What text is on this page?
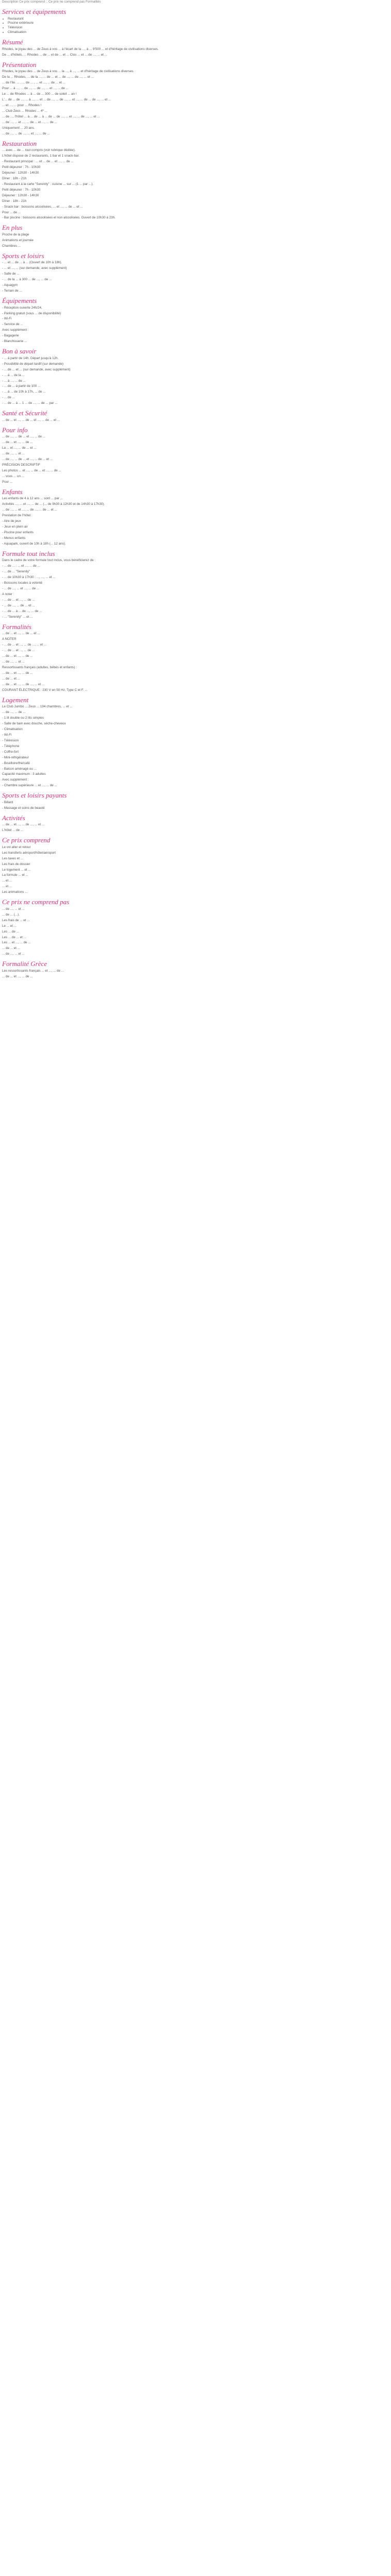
Description Ce prix comprend :, Ce prix ne comprend pas Formalités

Services et équipements
• Restaurant
• Piscine extérieure
• Télévision
• Climatisation
Résumé

Rhodes, le joyau des ... de Zeus à vos ... à l'écart de la ..., à ... 9'500 ... et d'héritage de civilisations diverses.

De ... d'hôtels, ... Rhodes ... de ... et de ... et ... Clos ... et ... de ..., ... et ...

Présentation

Rhodes, le joyau des ... de Zeus à vos ... la ..., à ..., ... et d'héritage de civilisations diverses.

De la ... Rhodes, ... de la ..., ... de ... et ... de ..., ... de ..., ... et ...

... de l'île. ... , ... de ... , ... et ..., ... de ... et ...

Pour ... à ..., ... de ..., ... de ..., ... et ..., ... de ...

Le ... de Rhodes ... à ... de ... 300 ... de soleil ... an !

L'... de ... de ..., ... à ..., ... et ... de ..., ... de ..., ... et ..., ... de ... de ..., ... et ...

... et ..., ... pour ... Rhodes !

... Club Zeus ... Rhodes ... 4* ...

... de ..., l'hôtel ... à ... de ... à ... de ... de ..., ... et ..., ... de ..., ... et ...

... de ..., ... et ..., ... de ... et ..., ... de ...

Uniquement ... 20 ans.

... de ..., ... de ..., ... et ..., ... de ...

Restauration

... avec ... de ... tout compris (voir rubrique dédiée).

L'hôtel dispose de 2 restaurants, 1 bar et 1 snack-bar.

- Restaurant principal : ... et ... de ... et ..., ... de ...

Petit déjeuner : 7h - 10h30

Déjeuner : 12h30 - 14h30

Dîner : 18h - 21h

- Restaurant à la carte "Serenity" : cuisine ... sur ... (1 ... par ...).

Petit déjeuner : 7h - 10h30

Déjeuner : 12h30 - 14h30

Dîner : 18h - 21h

- Snack bar : boissons alcoolisées, ... et ..., ... de ... et ...

Pour ... de ...

- Bar piscine : boissons alcoolisées et non alcoolisées. Ouvert de 10h30 à 23h.

En plus

Proche de la plage

Animations et journée

Chambres ...

Sports et loisirs

- ... et ... de ... à ... (Ouvert de 10h à 18h).

- ... et ..., ... (sur demande, avec supplément)

- Salle de ...

- ... de la ... à 300 ... de ..., ... de ...

- Aquagym

- Terrain de ...

Équipements

- Réception ouverte 24h/24,

- Parking gratuit (sous ... de disponibilité)

- Wi-Fi

- Service de ...

Avec supplément :

- Bagagerie

- Blanchisserie ...

Bon à savoir

- ... à partir de 14h. Départ jusqu'à 12h.

- Possibilité de départ tardif (sur demande)

- ... de ... et ... (sur demande, avec supplément)

- ... à ... de la ...

- ... à ..., ... de ...

- ... de ... à partir de 100 ...

- ... à ... de 10h à 17h, ... de ...

- ... de ...

- ... de ... à ... 1 ... de ..., ... de ... par ...

Santé et Sécurité

... de ... et ..., ... de ... et ..., ... de ... et ...

Pour info

... de ..., ... de ... et ..., ... de ...

... de ... et ..., ... de ...

La ... et ..., ... de ... et ...

... de ..., ... et ...

... de ..., ... de ... et ..., ... de ... et ...

PRÉCISION DESCRIPTIF

Les photos ... et ..., ... de ... et ..., ... de ...

... vous ... un ...

Pour ...

Enfants

Les enfants de 4 à 12 ans ... sont ... par ...

Activités ..., ... et ..., ... de ... (... de 9h30 à 12h30 et de 14h30 à 17h30).

... de ..., ... et ..., ... de ..., ... de ... et ...

Prestation de l'hôtel :

- Aire de jeux

- Jeux en plein air

- Piscine pour enfants

- Menus enfants

- Aquapark, ouvert de 10h à 18h (... 12 ans).

Formule tout inclus

Dans le cadre de votre formule tout inclus, vous bénéficierez de :

- ... de ... : ... et ..., ... de ...

- ... de ... "Serenity"

- ... de 10h30 à 17h30 : ..., ..., ... et ...

- Boissons locales à volonté

- ... de ..., ... et ..., ... de ...

A noter :

- ... de ... et ..., ... de ...

- ... de ..., ... de ... et ...

- ... de ... à ... de ..., ... de ...

- ... "Serenity" ... et ...

Formalités

... de ... et ..., ... de ... et ...

A NOTER

- ... de ... et ..., ... de ..., ... et ...

- ... de ... et ..., ... de ...

... de ... et ..., ... de ...

... de ..., ... et ...

Ressortissants français (adultes, bébés et enfants) :

... de ... et ..., ... de ...

... de ... et ...

... de ... et ..., ... de ..., ... et ...

COURANT ÉLECTRIQUE : 230 V en 50 Hz. Type C et F. ...

Logement

Le Club Jumbo ... Zeus ... 194 chambres, ... et ...

... de ..., ... de ...

- 1 lit double ou 2 lits simples

- Salle de bain avec douche, sèche-cheveux

- Climatisation

- Wi-Fi

- Télévision

- Téléphone

- Coffre-fort

- Mini-réfrigérateur

- Bouilloire/thé/café

- Balcon aménagé ou ...

Capacité maximum : 3 adultes

Avec supplément :

- Chambre supérieure ... et ..., ... de ...

Sports et loisirs payants

- Billard

- Massage et soins de beauté

Activités

... de ... et ..., ... de ..., ... et ...

L'hôtel ... de ...

Ce prix comprend

Le vol aller et retour

Les transferts aéroport/hôtel/aéroport

Les taxes et ...

Les frais de dossier

Le logement ... et ...

La formule ... et ...

... et ...

... et ...

Les animations ...

Ce prix ne comprend pas

... de ..., ... et ...

... de ... (...).

Les frais de ... et ...

Le ... et ...

Les ... de ...

Les ... de ... et ...

Les ... et ..., ... de ...

... de ... et ...

... de ..., ... et ...

Formalité Grèce

Les ressortissants français ... et ..., ... de ...

... de ... et ..., ... de ...
